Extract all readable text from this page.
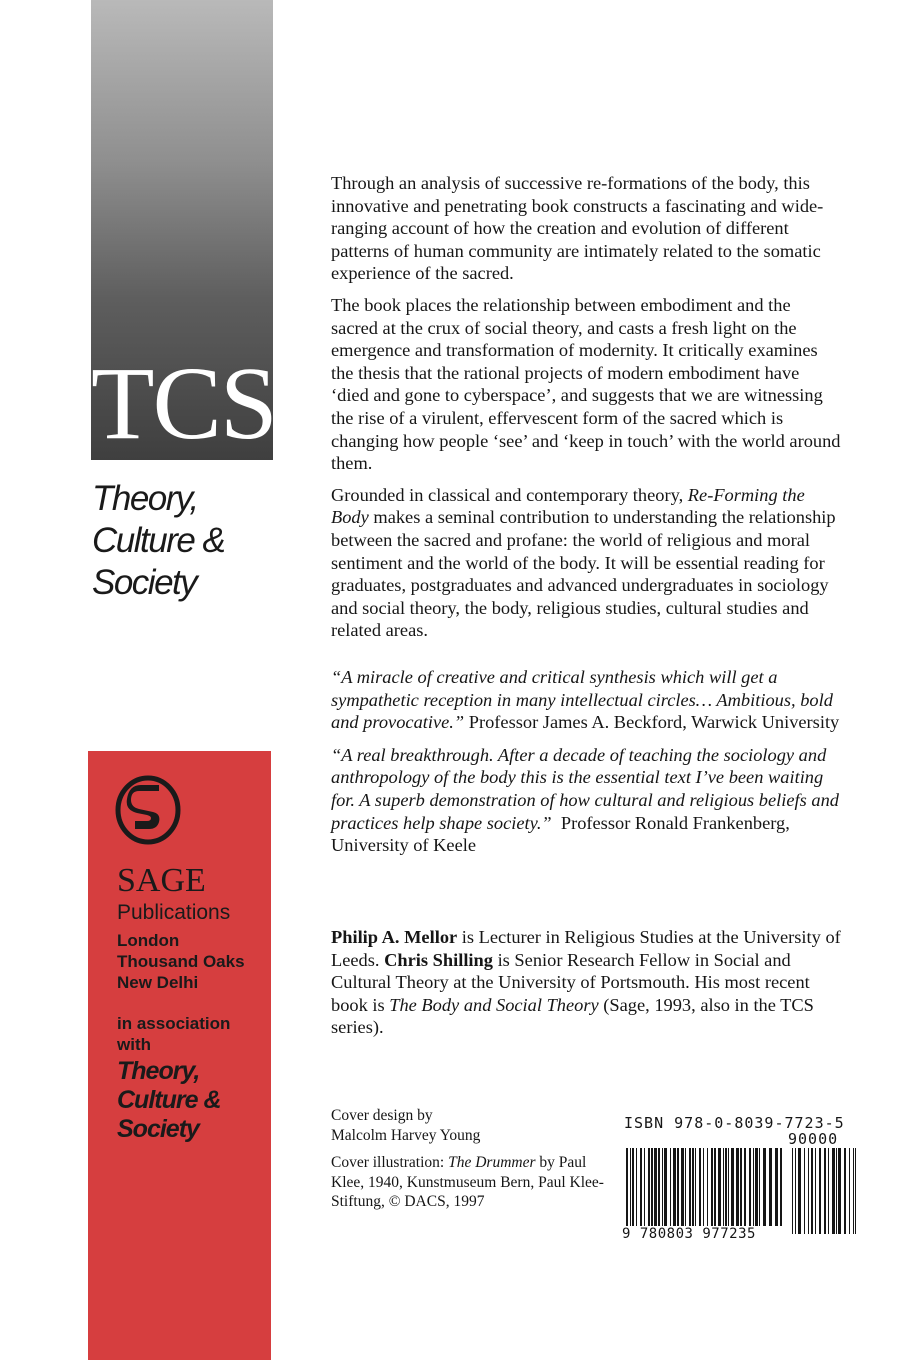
TCS
Theory,
Culture &
Society
SAGE
Publications
London
Thousand Oaks
New Delhi
in association
with
Theory,
Culture &
Society

Through an analysis of successive re-formations of the body, this innovative and penetrating book constructs a fascinating and wide-ranging account of how the creation and evolution of different patterns of human community are intimately related to the somatic experience of the sacred.

The book places the relationship between embodiment and the sacred at the crux of social theory, and casts a fresh light on the emergence and transformation of modernity. It critically examines the thesis that the rational projects of modern embodiment have ‘died and gone to cyberspace’, and suggests that we are witnessing the rise of a virulent, effervescent form of the sacred which is changing how people ‘see’ and ‘keep in touch’ with the world around them.

Grounded in classical and contemporary theory, Re-Forming the Body makes a seminal contribution to understanding the relationship between the sacred and profane: the world of religious and moral sentiment and the world of the body. It will be essential reading for graduates, postgraduates and advanced undergraduates in sociology and social theory, the body, religious studies, cultural studies and related areas.

“A miracle of creative and critical synthesis which will get a sympathetic reception in many intellectual circles… Ambitious, bold and provocative.” Professor James A. Beckford, Warwick University

“A real breakthrough. After a decade of teaching the sociology and anthropology of the body this is the essential text I’ve been waiting for. A superb demonstration of how cultural and religious beliefs and practices help shape society.”  Professor Ronald Frankenberg, University of Keele

Philip A. Mellor is Lecturer in Religious Studies at the University of Leeds. Chris Shilling is Senior Research Fellow in Social and Cultural Theory at the University of Portsmouth. His most recent book is The Body and Social Theory (Sage, 1993, also in the TCS series).

Cover design by
Malcolm Harvey Young

Cover illustration: The Drummer by Paul Klee, 1940, Kunstmuseum Bern, Paul Klee-Stiftung, © DACS, 1997

ISBN 978-0-8039-7723-5
90000
9 780803 977235
